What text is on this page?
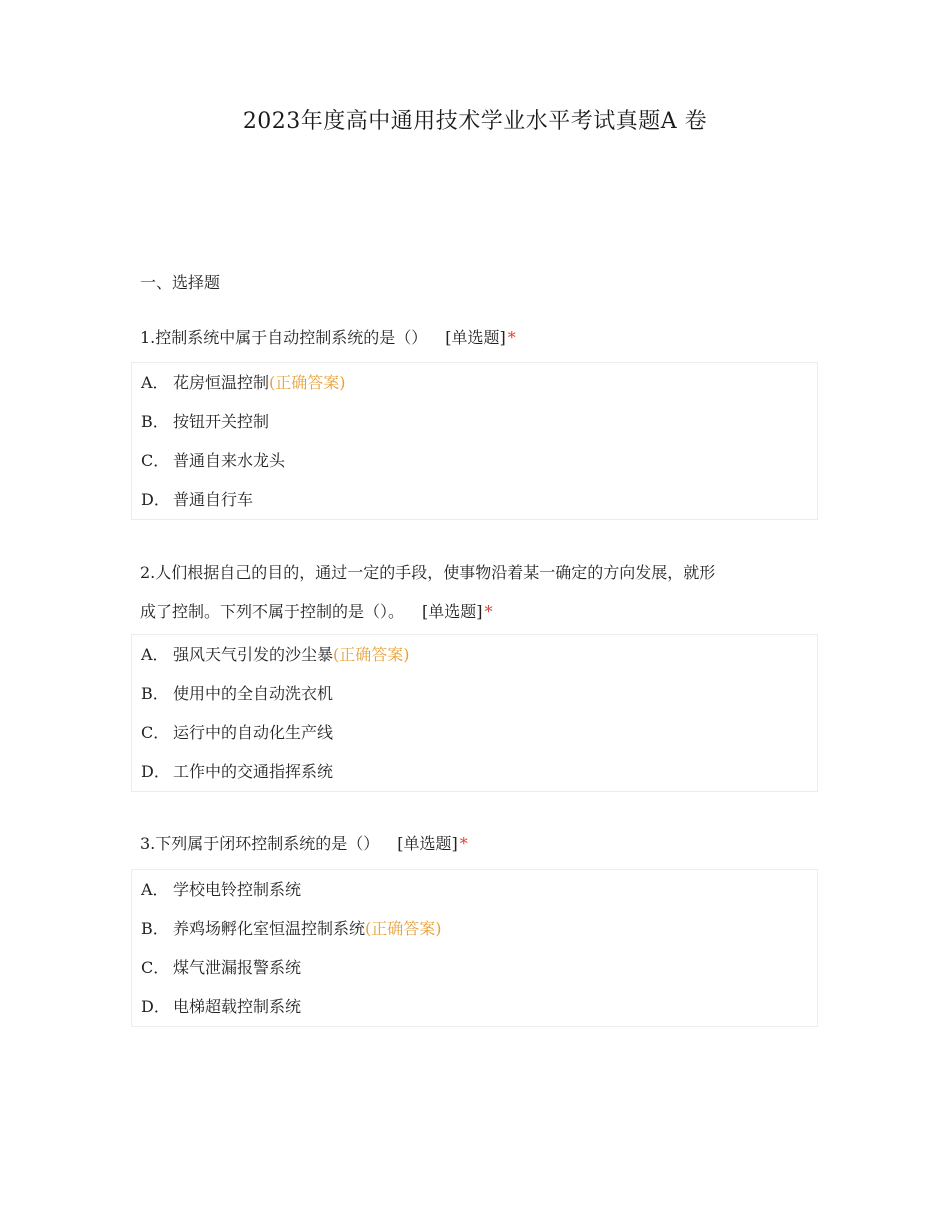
2023年度高中通用技术学业水平考试真题A 卷
一、选择题
1.控制系统中属于自动控制系统的是（） [单选题] *
A． 花房恒温控制(正确答案)
B． 按钮开关控制
C． 普通自来水龙头
D． 普通自行车
2.人们根据自己的目的，通过一定的手段，使事物沿着某一确定的方向发展，就形
成了控制。下列不属于控制的是（）。 [单选题] *
A． 强风天气引发的沙尘暴(正确答案)
B． 使用中的全自动洗衣机
C． 运行中的自动化生产线
D． 工作中的交通指挥系统
3.下列属于闭环控制系统的是（） [单选题] *
A． 学校电铃控制系统
B． 养鸡场孵化室恒温控制系统(正确答案)
C． 煤气泄漏报警系统
D． 电梯超载控制系统
